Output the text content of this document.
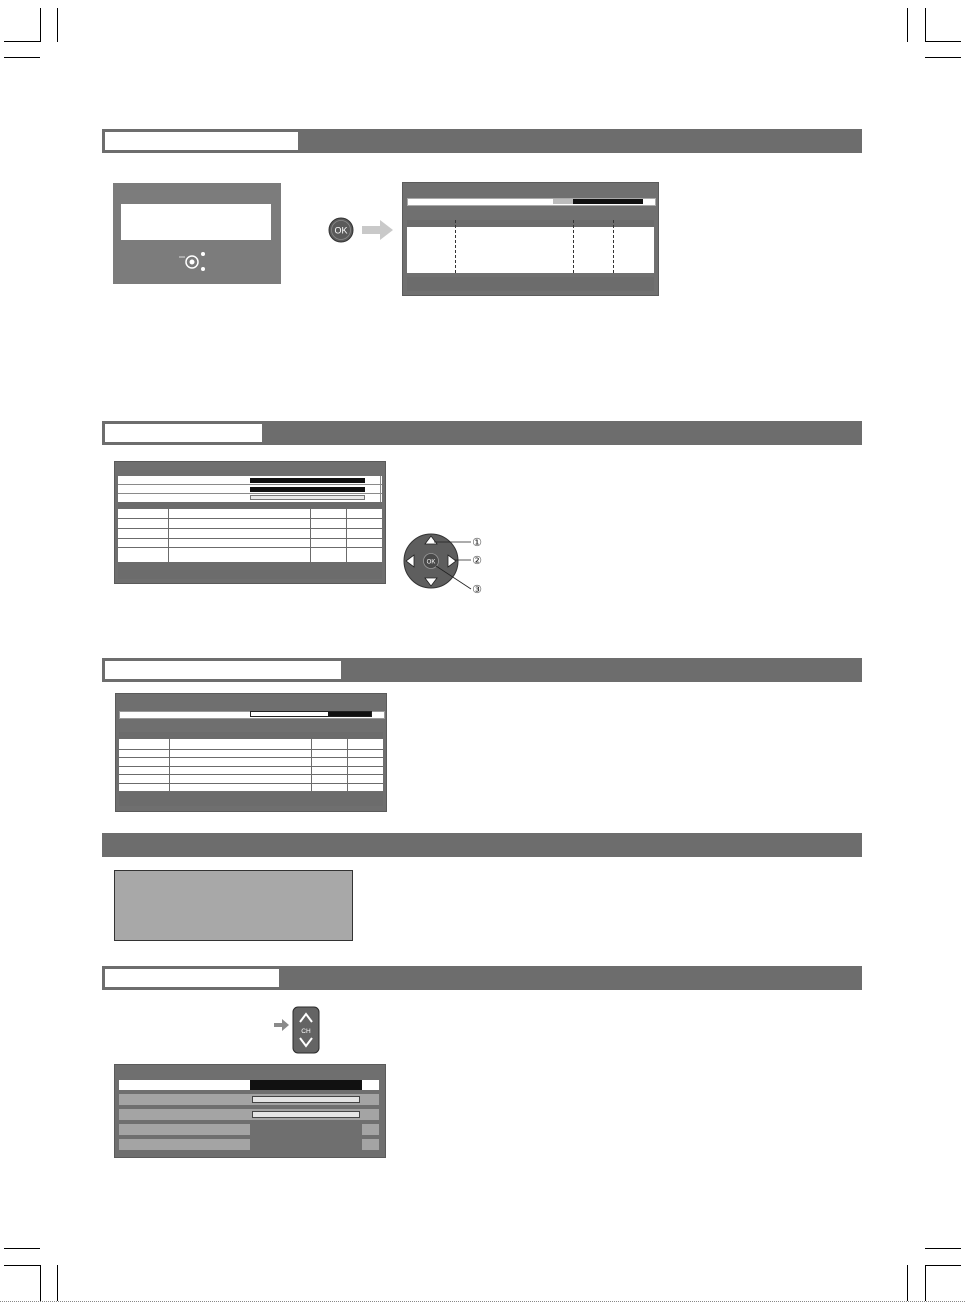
OK
OK
①
②
③
CH
